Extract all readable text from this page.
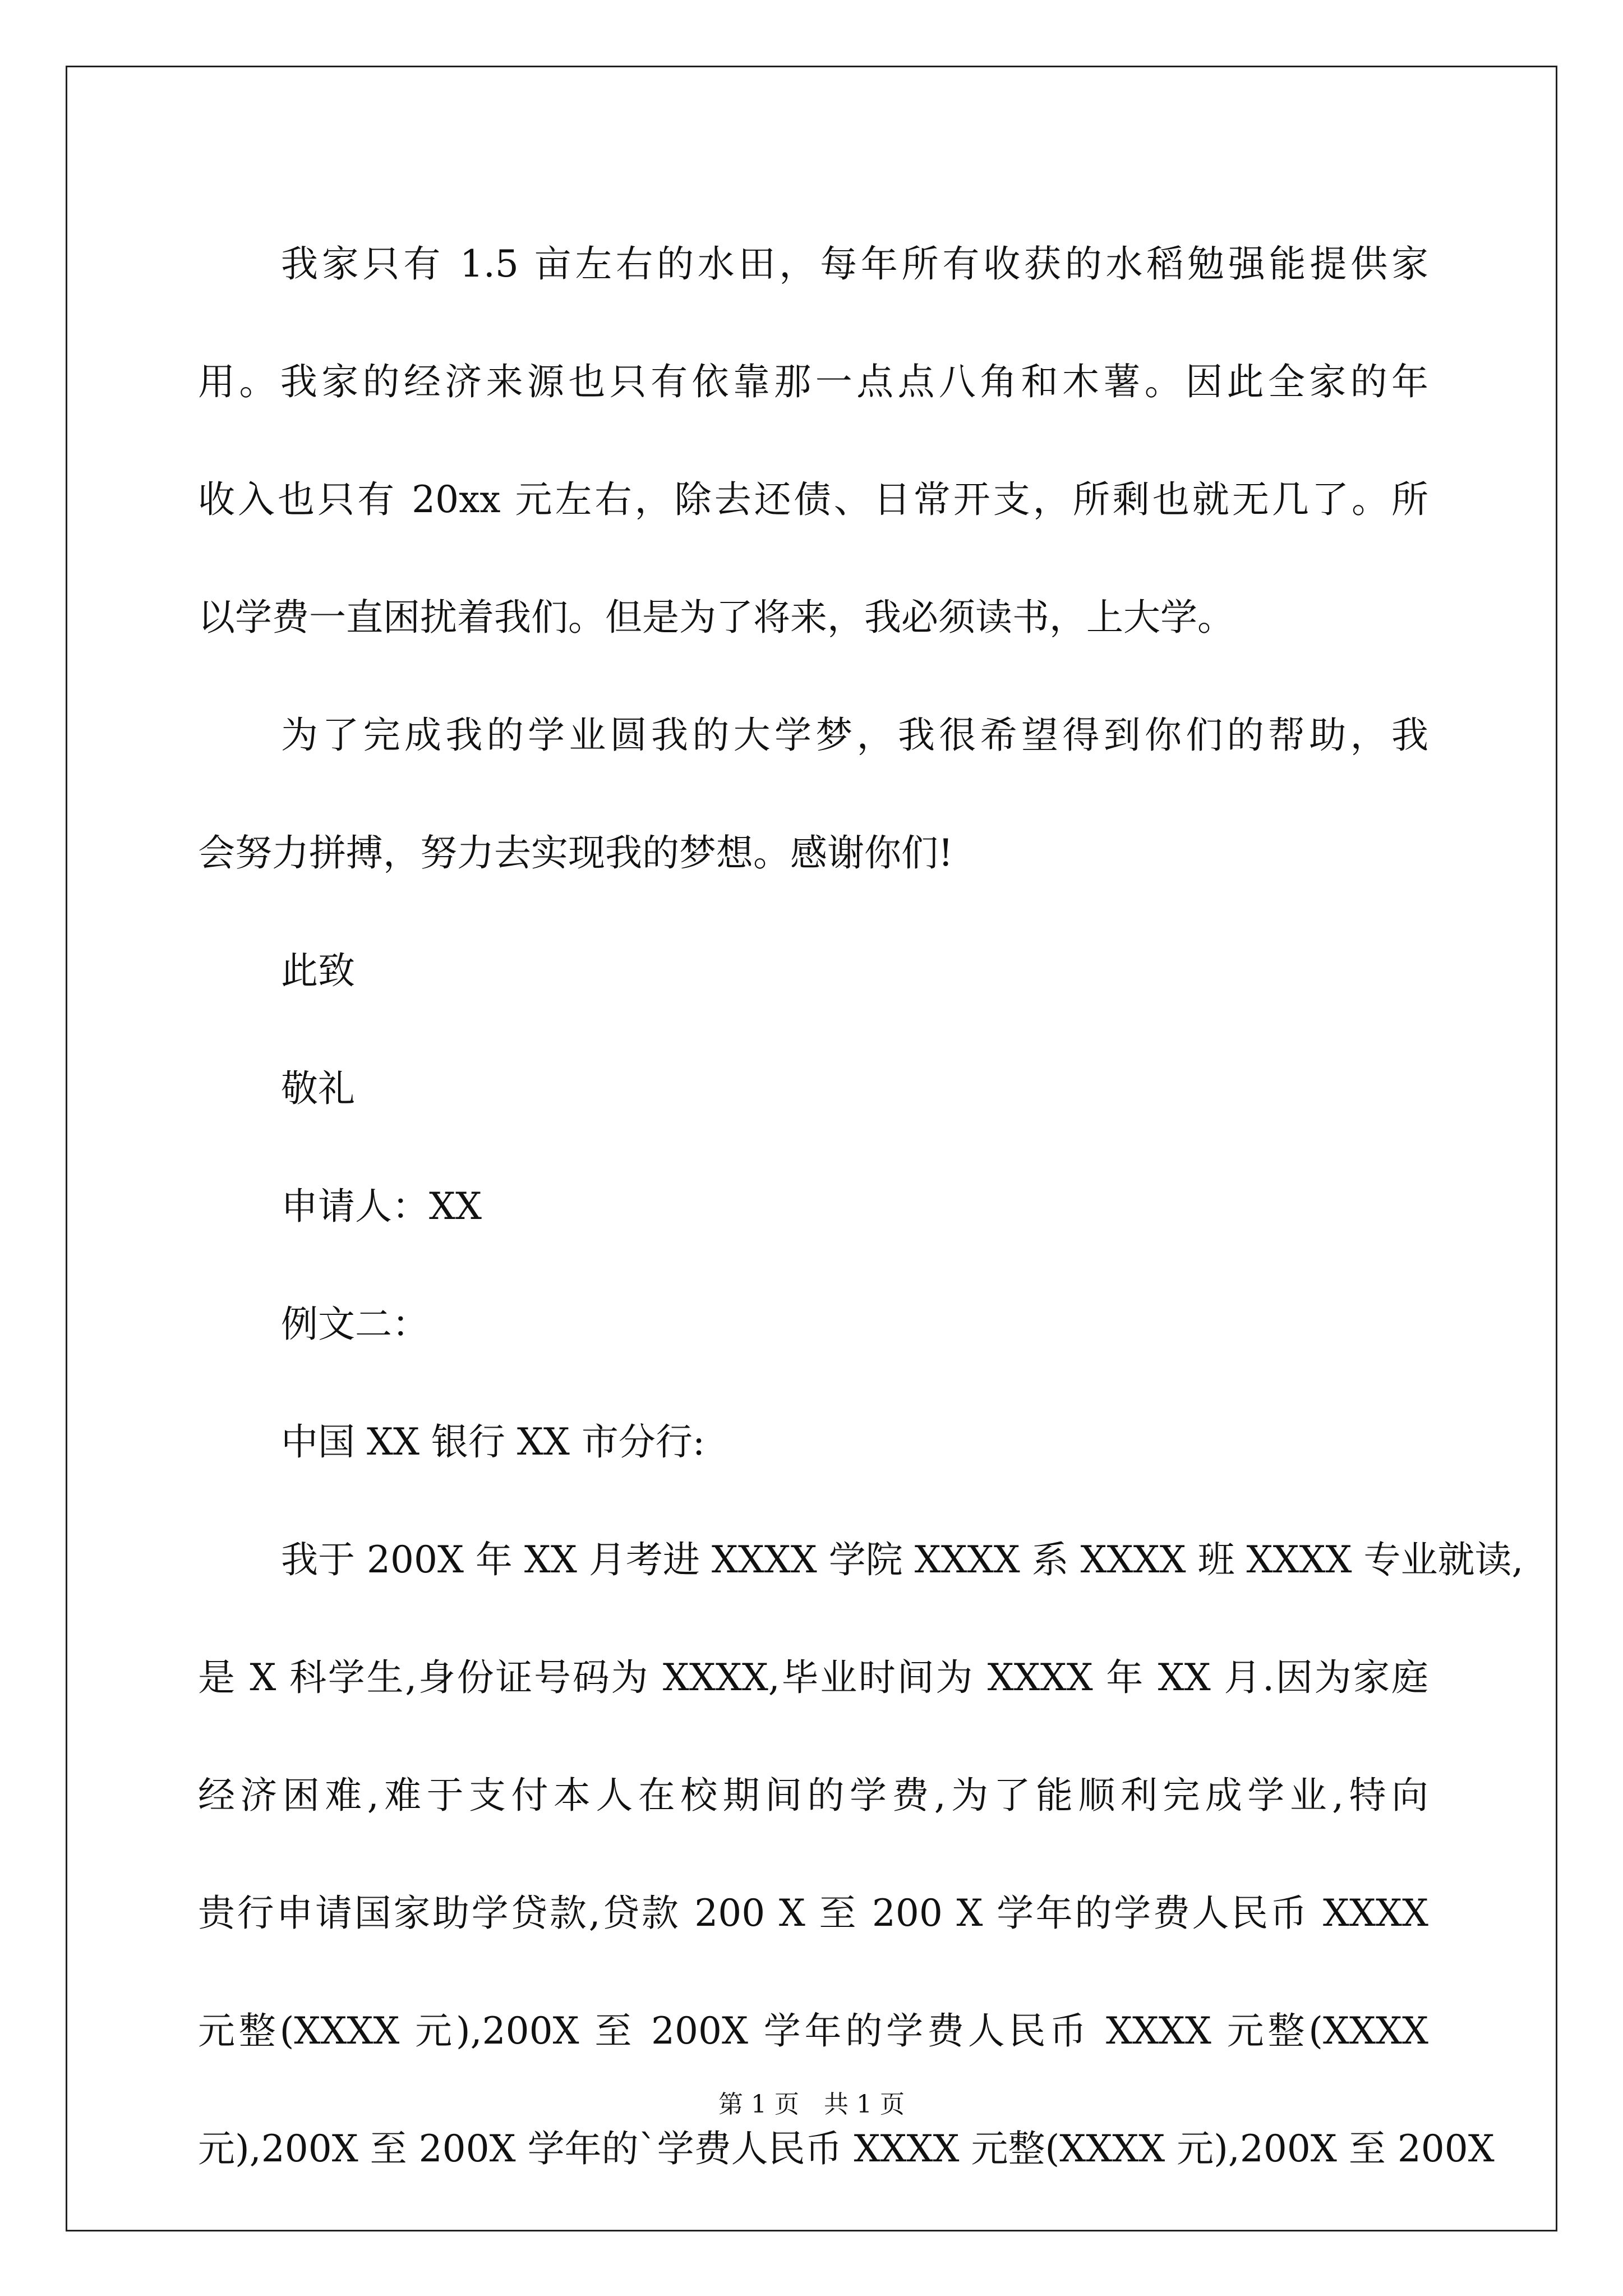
我家只有 1.5 亩左右的水田，每年所有收获的水稻勉强能提供家
用。我家的经济来源也只有依靠那一点点八角和木薯。因此全家的年
收入也只有 20xx 元左右，除去还债、日常开支，所剩也就无几了。所
以学费一直困扰着我们。但是为了将来，我必须读书，上大学。
为了完成我的学业圆我的大学梦，我很希望得到你们的帮助，我
会努力拼搏，努力去实现我的梦想。感谢你们!
此致
敬礼
申请人：XX
例文二：
中国 XX 银行 XX 市分行:
我于 200X 年 XX 月考进 XXXX 学院 XXXX 系 XXXX 班 XXXX 专业就读,
是 X 科学生,身份证号码为 XXXX,毕业时间为 XXXX 年 XX 月.因为家庭
经济困难,难于支付本人在校期间的学费,为了能顺利完成学业,特向
贵行申请国家助学贷款,贷款 200 X 至 200 X 学年的学费人民币 XXXX
元整(XXXX 元),200X 至 200X 学年的学费人民币 XXXX 元整(XXXX
元),200X 至 200X 学年的`学费人民币 XXXX 元整(XXXX 元),200X 至 200X
第 1 页　共 1 页
